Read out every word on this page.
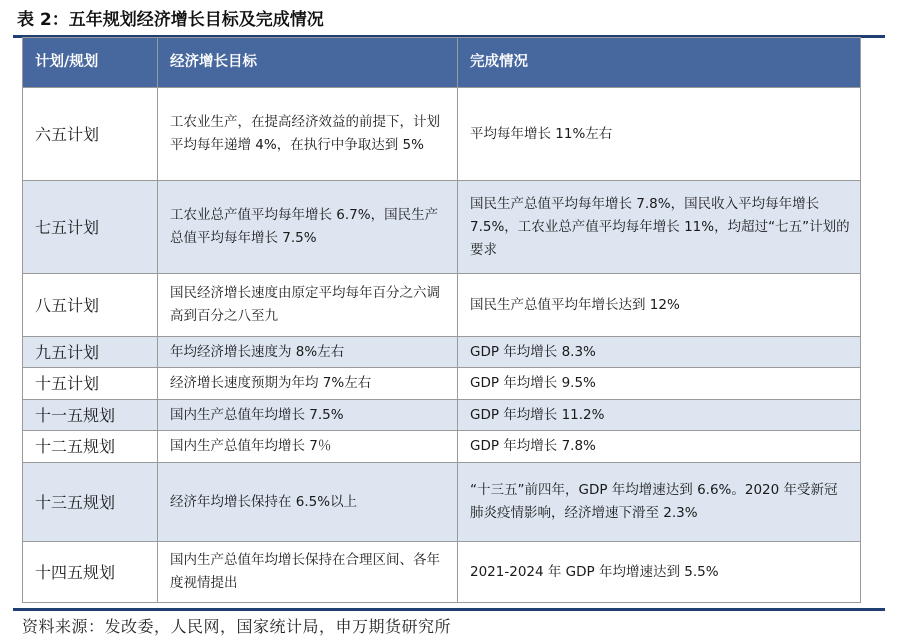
表 2：五年规划经济增长目标及完成情况
计划/规划	经济增长目标	完成情况
六五计划	工农业生产，在提高经济效益的前提下，计划平均每年递增 4%，在执行中争取达到 5%	平均每年增长 11%左右
七五计划	工农业总产值平均每年增长 6.7%，国民生产总值平均每年增长 7.5%	国民生产总值平均每年增长 7.8%，国民收入平均每年增长 7.5%，工农业总产值平均每年增长 11%，均超过“七五”计划的要求
八五计划	国民经济增长速度由原定平均每年百分之六调高到百分之八至九	国民生产总值平均年增长达到 12%
九五计划	年均经济增长速度为 8%左右	GDP 年均增长 8.3%
十五计划	经济增长速度预期为年均 7%左右	GDP 年均增长 9.5%
十一五规划	国内生产总值年均增长 7.5%	GDP 年均增长 11.2%
十二五规划	国内生产总值年均增长 7％	GDP 年均增长 7.8%
十三五规划	经济年均增长保持在 6.5%以上	“十三五”前四年，GDP 年均增速达到 6.6%。2020 年受新冠肺炎疫情影响，经济增速下滑至 2.3%
十四五规划	国内生产总值年均增长保持在合理区间、各年度视情提出	2021-2024 年 GDP 年均增速达到 5.5%
资料来源：发改委，人民网，国家统计局，申万期货研究所
